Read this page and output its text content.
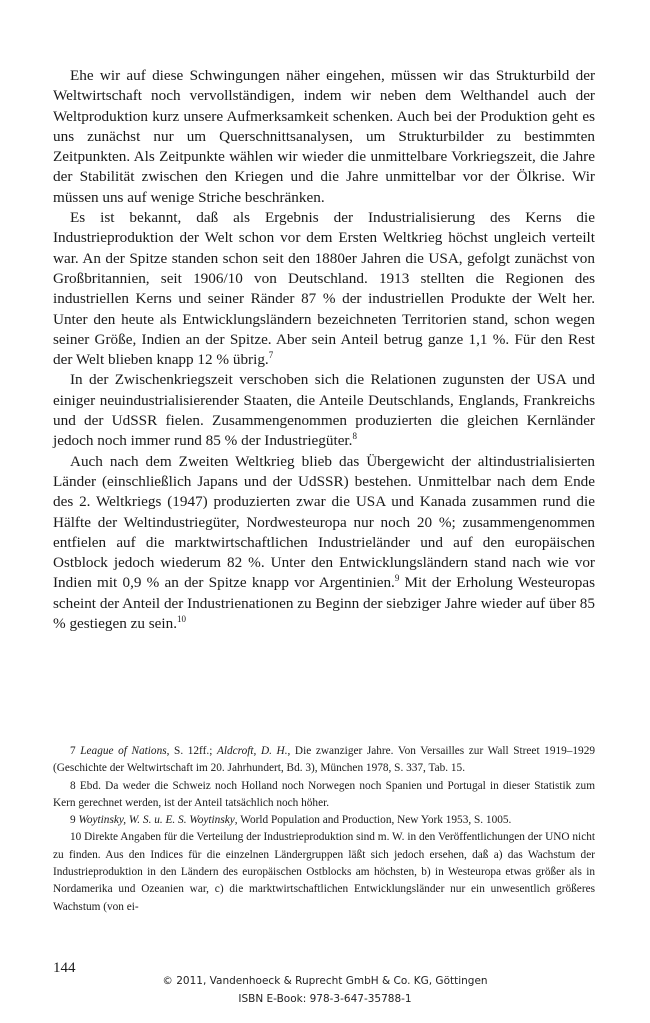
Ehe wir auf diese Schwingungen näher eingehen, müssen wir das Strukturbild der Weltwirtschaft noch vervollständigen, indem wir neben dem Welthandel auch der Weltproduktion kurz unsere Aufmerksamkeit schenken. Auch bei der Produktion geht es uns zunächst nur um Querschnittsanalysen, um Strukturbilder zu bestimmten Zeitpunkten. Als Zeitpunkte wählen wir wieder die unmittelbare Vorkriegszeit, die Jahre der Stabilität zwischen den Kriegen und die Jahre unmittelbar vor der Ölkrise. Wir müssen uns auf wenige Striche beschränken.

Es ist bekannt, daß als Ergebnis der Industrialisierung des Kerns die Industrieproduktion der Welt schon vor dem Ersten Weltkrieg höchst ungleich verteilt war. An der Spitze standen schon seit den 1880er Jahren die USA, gefolgt zunächst von Großbritannien, seit 1906/10 von Deutschland. 1913 stellten die Regionen des industriellen Kerns und seiner Ränder 87 % der industriellen Produkte der Welt her. Unter den heute als Entwicklungsländern bezeichneten Territorien stand, schon wegen seiner Größe, Indien an der Spitze. Aber sein Anteil betrug ganze 1,1 %. Für den Rest der Welt blieben knapp 12 % übrig.$^7$

In der Zwischenkriegszeit verschoben sich die Relationen zugunsten der USA und einiger neuindustrialisierender Staaten, die Anteile Deutschlands, Englands, Frankreichs und der UdSSR fielen. Zusammengenommen produzierten die gleichen Kernländer jedoch noch immer rund 85 % der Industriegüter.$^8$

Auch nach dem Zweiten Weltkrieg blieb das Übergewicht der altindustrialisierten Länder (einschließlich Japans und der UdSSR) bestehen. Unmittelbar nach dem Ende des 2. Weltkriegs (1947) produzierten zwar die USA und Kanada zusammen rund die Hälfte der Weltindustriegüter, Nordwesteuropa nur noch 20 %; zusammengenommen entfielen auf die marktwirtschaftlichen Industrieländer und auf den europäischen Ostblock jedoch wiederum 82 %. Unter den Entwicklungsländern stand nach wie vor Indien mit 0,9 % an der Spitze knapp vor Argentinien.$^9$ Mit der Erholung Westeuropas scheint der Anteil der Industrienationen zu Beginn der siebziger Jahre wieder auf über 85 % gestiegen zu sein.$^{10}$

7 League of Nations, S. 12ff.; Aldcroft, D. H., Die zwanziger Jahre. Von Versailles zur Wall Street 1919–1929 (Geschichte der Weltwirtschaft im 20. Jahrhundert, Bd. 3), München 1978, S. 337, Tab. 15.

8 Ebd. Da weder die Schweiz noch Holland noch Norwegen noch Spanien und Portugal in dieser Statistik zum Kern gerechnet werden, ist der Anteil tatsächlich noch höher.

9 Woytinsky, W. S. u. E. S. Woytinsky, World Population and Production, New York 1953, S. 1005.

10 Direkte Angaben für die Verteilung der Industrieproduktion sind m. W. in den Veröffentlichungen der UNO nicht zu finden. Aus den Indices für die einzelnen Ländergruppen läßt sich jedoch ersehen, daß a) das Wachstum der Industrieproduktion in den Ländern des europäischen Ostblocks am höchsten, b) in Westeuropa etwas größer als in Nordamerika und Ozeanien war, c) die marktwirtschaftlichen Entwicklungsländer nur ein unwesentlich größeres Wachstum (von ei-

144
© 2011, Vandenhoeck & Ruprecht GmbH & Co. KG, Göttingen
ISBN E-Book: 978-3-647-35788-1
